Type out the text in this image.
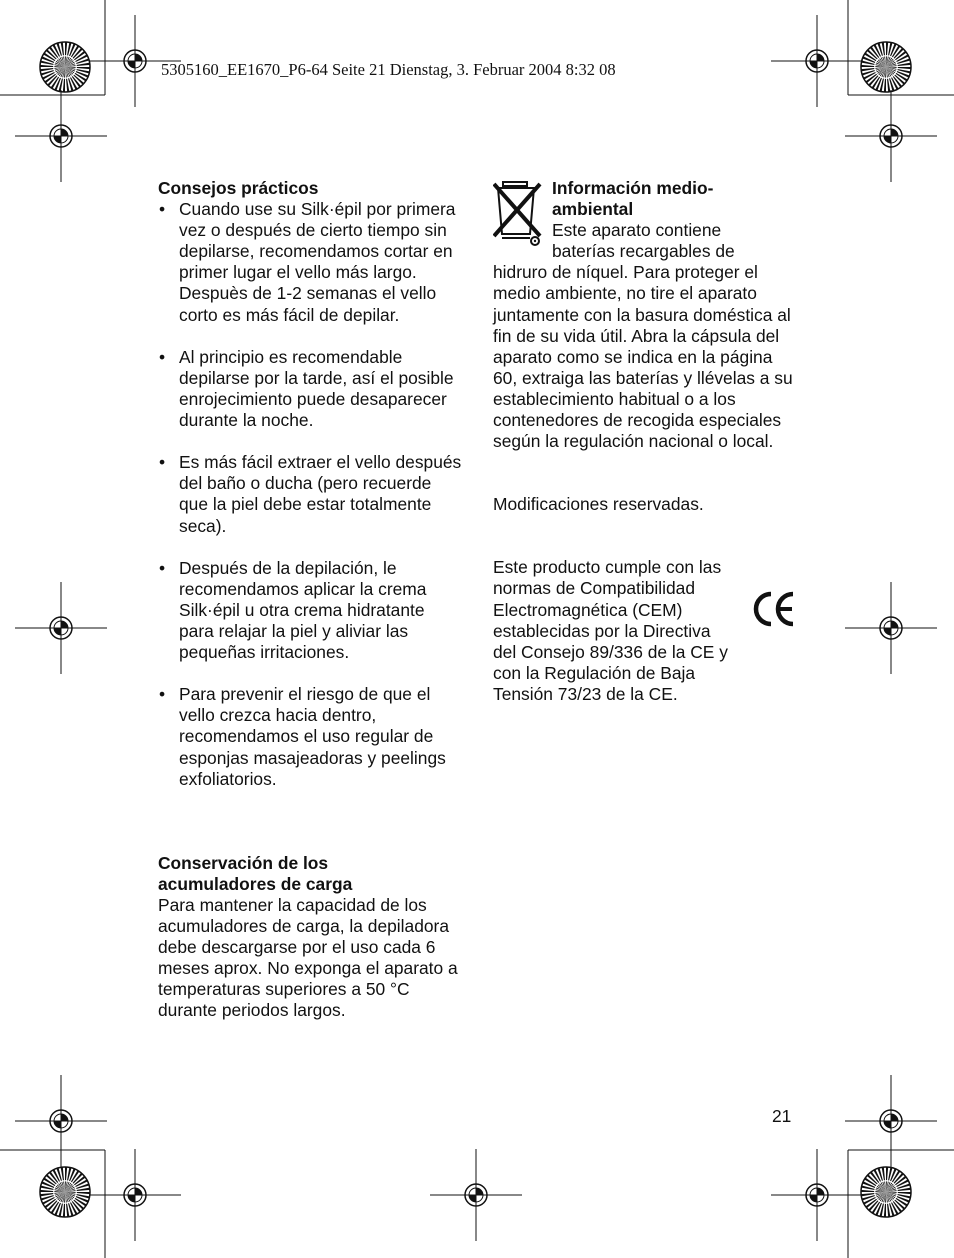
5305160_EE1670_P6-64 Seite 21 Dienstag, 3. Februar 2004 8:32 08
Consejos prácticos
• Cuando use su Silk·épil por primera vez o después de cierto tiempo sin depilarse, recomendamos cortar en primer lugar el vello más largo. Despuès de 1-2 semanas el vello corto es más fácil de depilar.
• Al principio es recomendable depilarse por la tarde, así el posible enrojecimiento puede desaparecer durante la noche.
• Es más fácil extraer el vello después del baño o ducha (pero recuerde que la piel debe estar totalmente seca).
• Después de la depilación, le recomendamos aplicar la crema Silk·épil u otra crema hidratante para relajar la piel y aliviar las pequeñas irritaciones.
• Para prevenir el riesgo de que el vello crezca hacia dentro, recomendamos el uso regular de esponjas masajeadoras y peelings exfoliatorios.
Conservación de los
acumuladores de carga

Para mantener la capacidad de los acumuladores de carga, la depiladora debe descargarse por el uso cada 6 meses aprox. No exponga el aparato a temperaturas superiores a 50 °C durante periodos largos.

Información medio-
ambiental
Este aparato contiene
baterías recargables de

hidruro de níquel. Para proteger el medio ambiente, no tire el aparato juntamente con la basura doméstica al fin de su vida útil. Abra la cápsula del aparato como se indica en la página 60, extraiga las baterías y llévelas a su establecimiento habitual o a los contenedores de recogida especiales según la regulación nacional o local.

Modificaciones reservadas.

Este producto cumple con las normas de Compatibilidad Electromagnética (CEM) establecidas por la Directiva del Consejo 89/336 de la CE y con la Regulación de Baja Tensión 73/23 de la CE.

21
